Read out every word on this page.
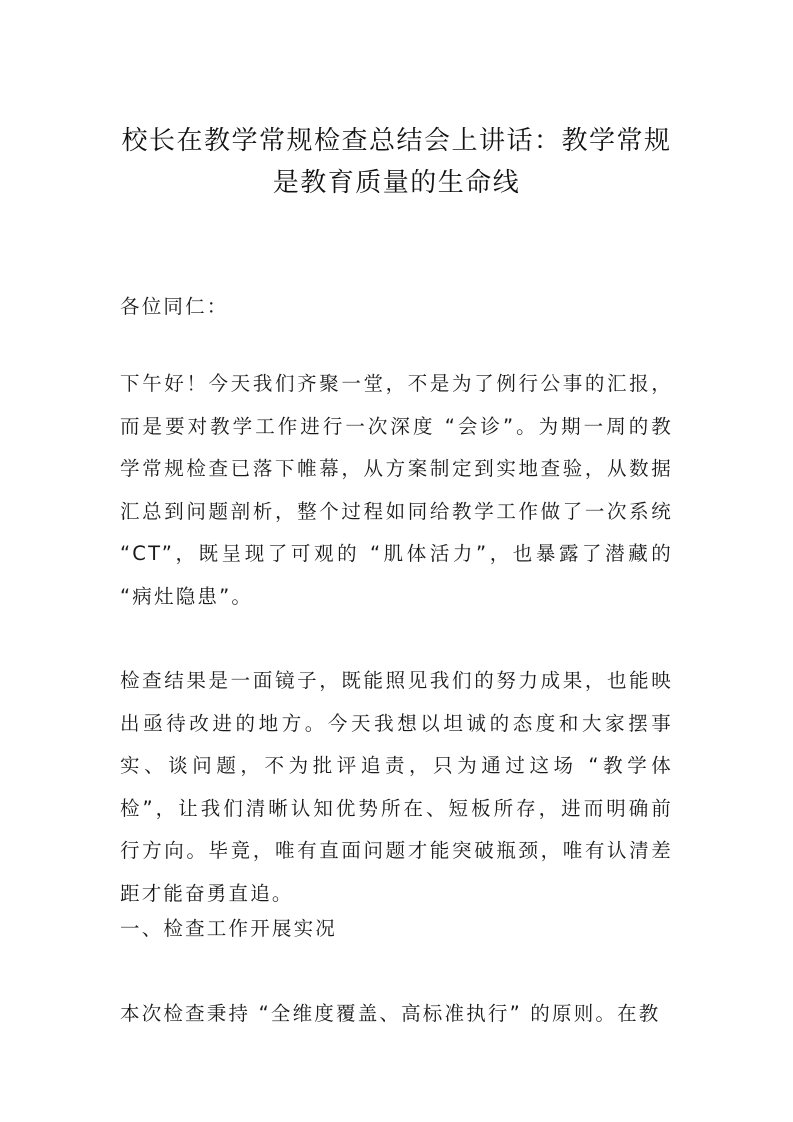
校长在教学常规检查总结会上讲话：教学常规是教育质量的生命线

各位同仁：

下午好！今天我们齐聚一堂，不是为了例行公事的汇报，而是要对教学工作进行一次深度 “会诊”。为期一周的教学常规检查已落下帷幕，从方案制定到实地查验，从数据汇总到问题剖析，整个过程如同给教学工作做了一次系统 “CT”，既呈现了可观的 “肌体活力”，也暴露了潜藏的 “病灶隐患”。

检查结果是一面镜子，既能照见我们的努力成果，也能映出亟待改进的地方。今天我想以坦诚的态度和大家摆事实、谈问题，不为批评追责，只为通过这场 “教学体检”，让我们清晰认知优势所在、短板所存，进而明确前行方向。毕竟，唯有直面问题才能突破瓶颈，唯有认清差距才能奋勇直追。

一、检查工作开展实况

本次检查秉持 “全维度覆盖、高标准执行” 的原则。在教
